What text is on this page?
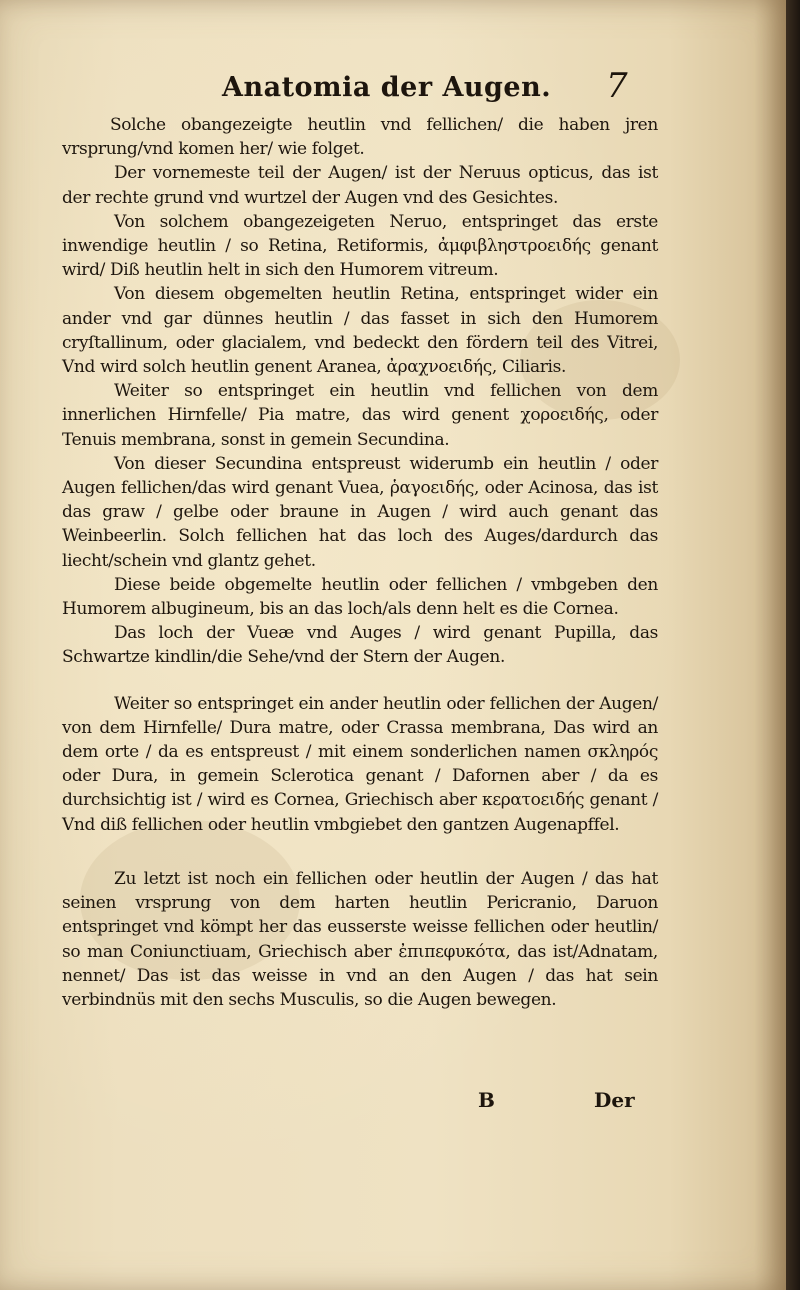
Anatomia der Augen. 7

Solche obangezeigte heutlin vnd fellichen/ die haben jren vrsprung/vnd komen her/ wie folget.

Der vornemeste teil der Augen/ ist der Neruus opticus, das ist der rechte grund vnd wurtzel der Augen vnd des Gesichtes.

Von solchem obangezeigeten Neruo, entspringet das erste inwendige heutlin / so Retina, Retiformis, ἀμφιβληστροειδής genant wird/ Diß heutlin helt in sich den Humorem vitreum.

Von diesem obgemelten heutlin Retina, entspringet wider ein ander vnd gar dünnes heutlin / das fasset in sich den Humorem cryſtallinum, oder glacialem, vnd bedeckt den fördern teil des Vitrei, Vnd wird solch heutlin genent Aranea, ἀραχνοειδής, Ciliaris.

Weiter so entspringet ein heutlin vnd fellichen von dem innerlichen Hirnfelle/ Pia matre, das wird genent χοροειδής, oder Tenuis membrana, sonst in gemein Secundina.

Von dieser Secundina entspreust widerumb ein heutlin / oder Augen fellichen/das wird genant Vuea, ῥαγοειδής, oder Acinosa, das ist das graw / gelbe oder braune in Augen / wird auch genant das Weinbeerlin. Solch fellichen hat das loch des Auges/dardurch das liecht/schein vnd glantz gehet.

Diese beide obgemelte heutlin oder fellichen / vmbgeben den Humorem albugineum, bis an das loch/als denn helt es die Cornea.

Das loch der Vueæ vnd Auges / wird genant Pupilla, das Schwartze kindlin/die Sehe/vnd der Stern der Augen.

Weiter so entspringet ein ander heutlin oder fellichen der Augen/ von dem Hirnfelle/ Dura matre, oder Crassa membrana, Das wird an dem orte / da es entspreust / mit einem sonderlichen namen σκληρός oder Dura, in gemein Sclerotica genant / Dafornen aber / da es durchsichtig ist / wird es Cornea, Griechisch aber κερατοειδής genant / Vnd diß fellichen oder heutlin vmbgiebet den gantzen Augenapffel.

Zu letzt ist noch ein fellichen oder heutlin der Augen / das hat seinen vrsprung von dem harten heutlin Pericranio, Daruon entspringet vnd kömpt her das eusserste weisse fellichen oder heutlin/ so man Coniunctiuam, Griechisch aber ἐπιπεφυκότα, das ist/Adnatam, nennet/ Das ist das weisse in vnd an den Augen / das hat sein verbindnüs mit den sechs Musculis, so die Augen bewegen.

B	Der
